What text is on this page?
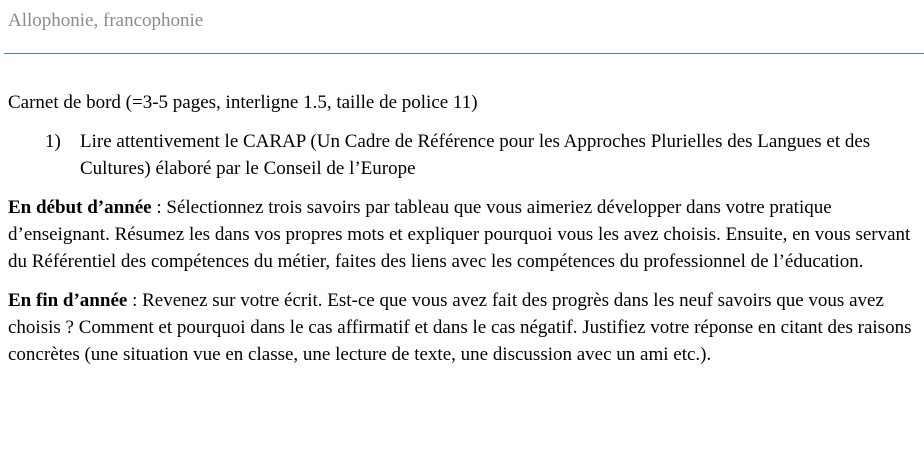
Allophonie, francophonie

Carnet de bord (=3-5 pages, interligne 1.5, taille de police 11)

1)	Lire attentivement le CARAP (Un Cadre de Référence pour les Approches Plurielles des Langues et des Cultures) élaboré par le Conseil de l’Europe

En début d’année : Sélectionnez trois savoirs par tableau que vous aimeriez développer dans votre pratique d’enseignant. Résumez les dans vos propres mots et expliquer pourquoi vous les avez choisis. Ensuite, en vous servant du Référentiel des compétences du métier, faites des liens avec les compétences du professionnel de l’éducation.

En fin d’année : Revenez sur votre écrit. Est-ce que vous avez fait des progrès dans les neuf savoirs que vous avez choisis ? Comment et pourquoi dans le cas affirmatif et dans le cas négatif. Justifiez votre réponse en citant des raisons concrètes (une situation vue en classe, une lecture de texte, une discussion avec un ami etc.).
